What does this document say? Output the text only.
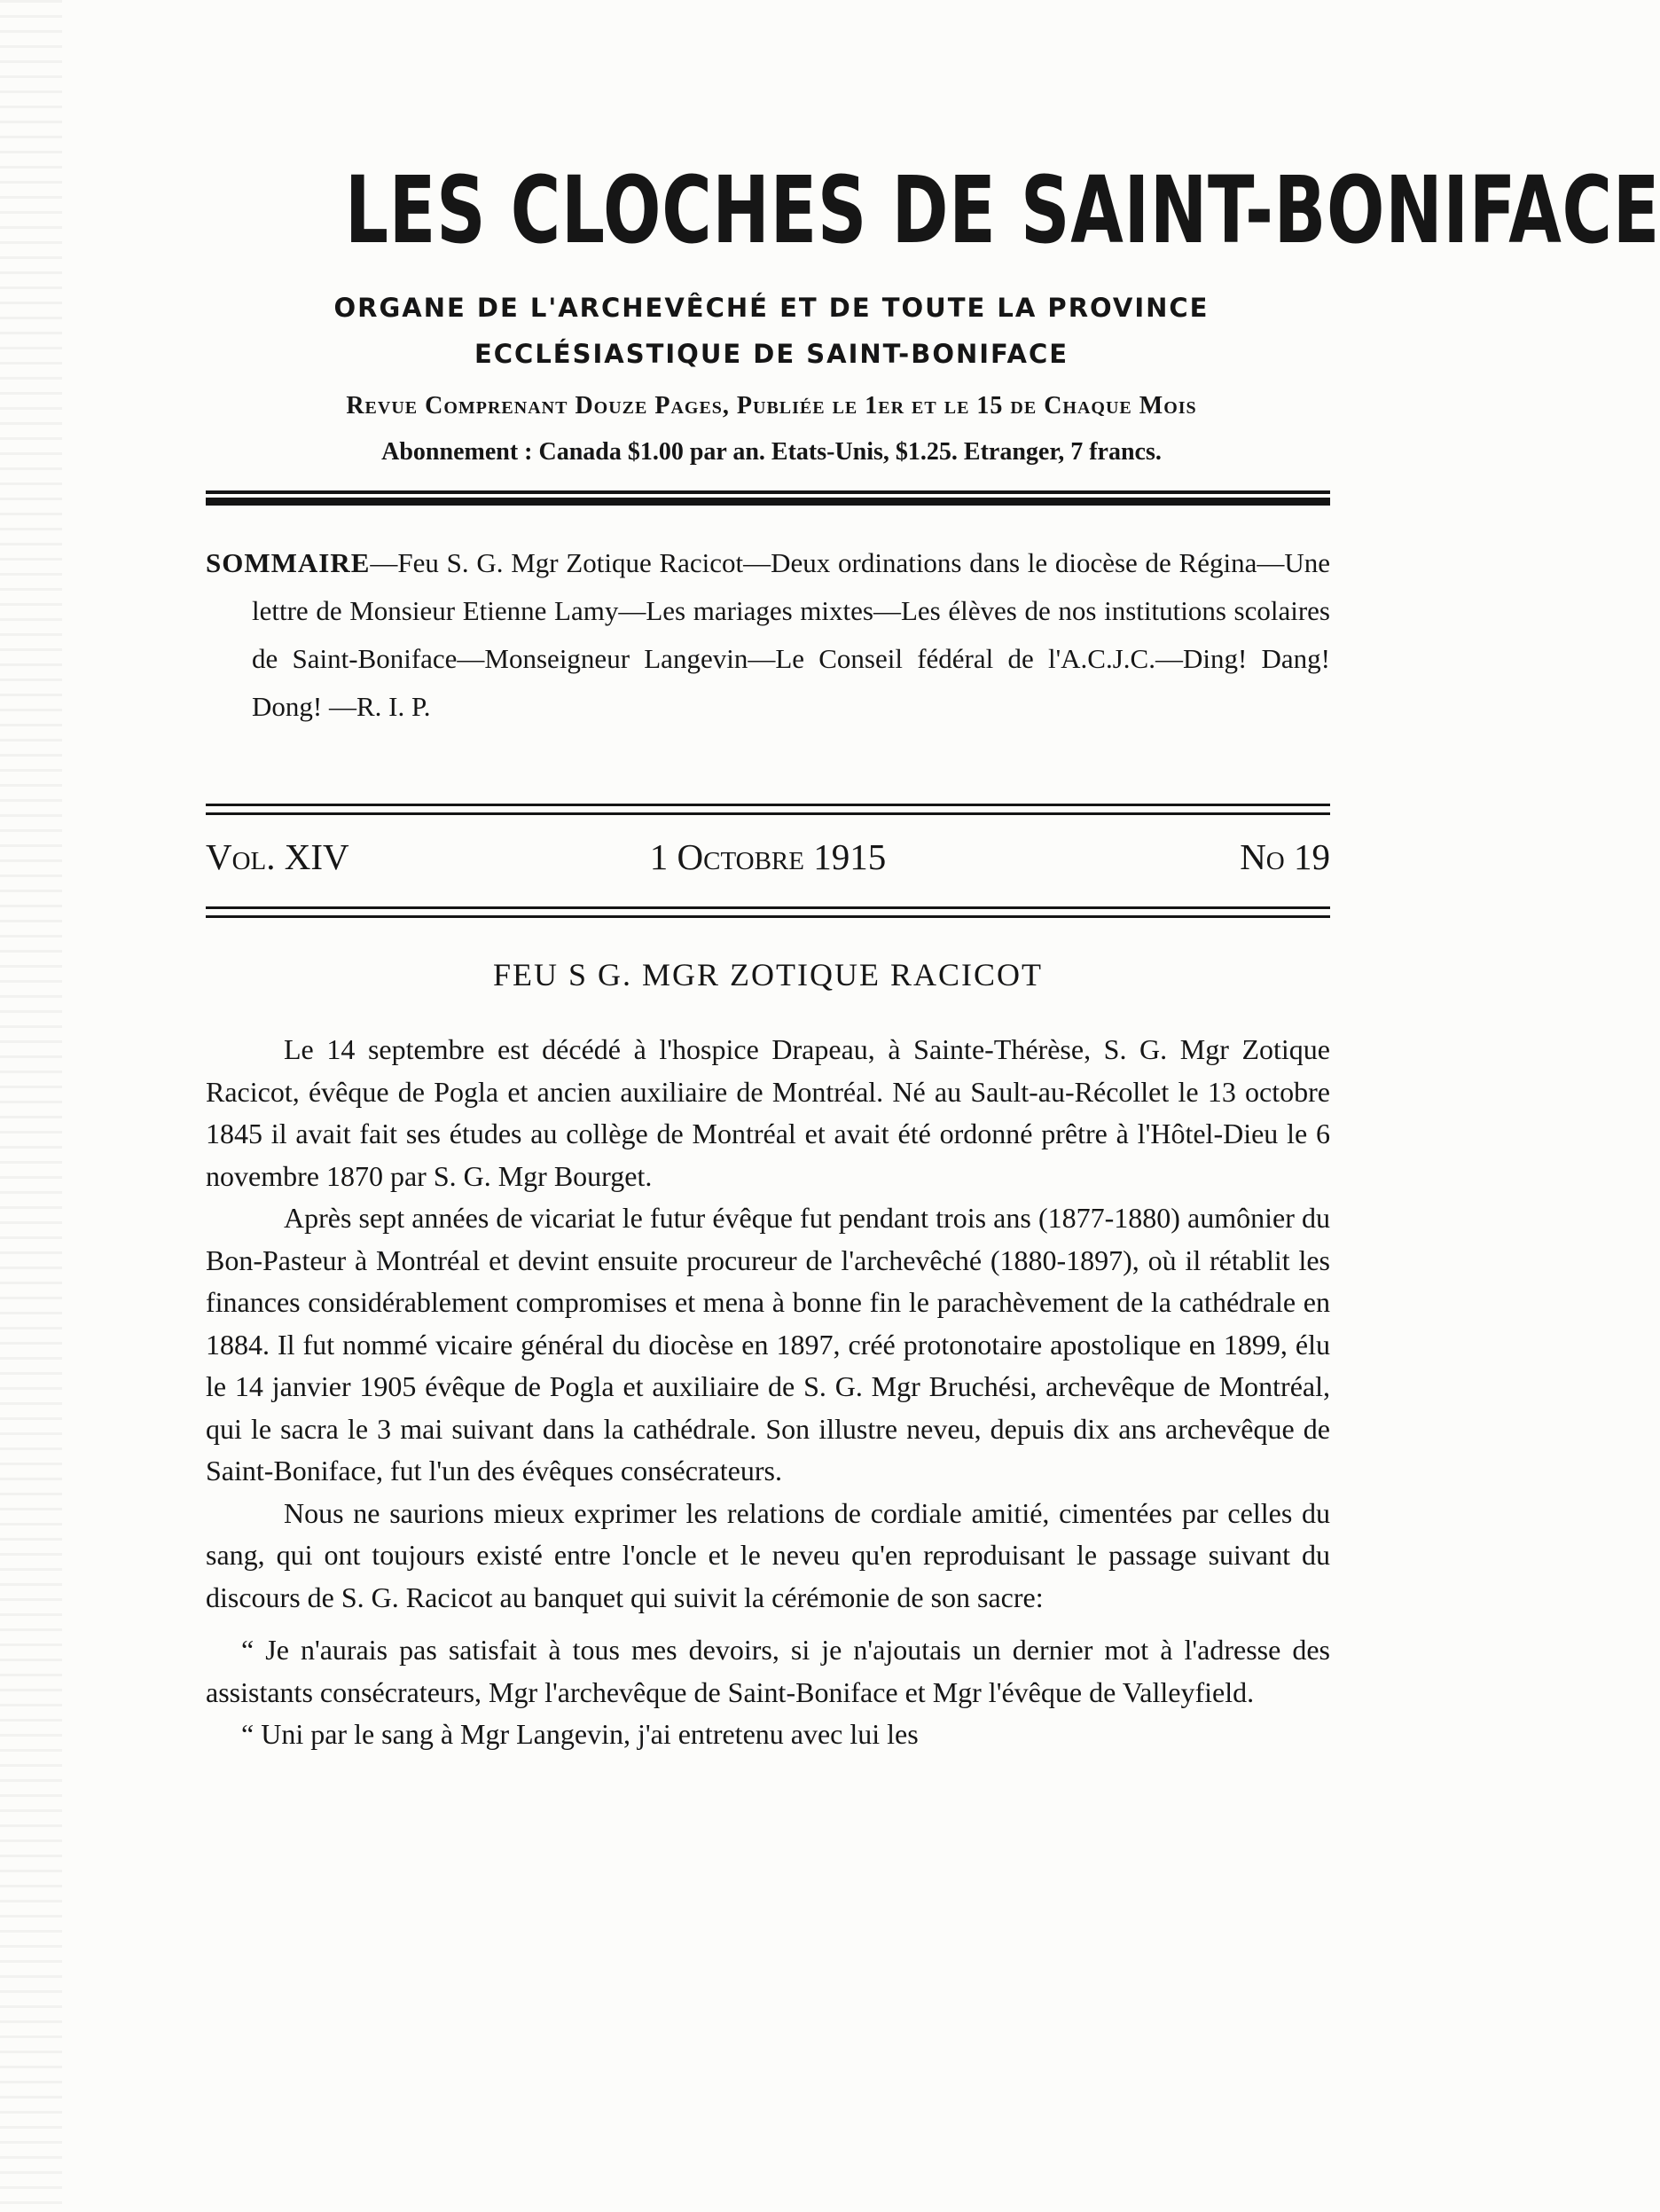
LES CLOCHES DE SAINT-BONIFACE
ORGANE DE L'ARCHEVÊCHÉ ET DE TOUTE LA PROVINCE
ECCLÉSIASTIQUE DE SAINT-BONIFACE
Revue Comprenant Douze Pages, Publiée le 1er et le 15 de Chaque Mois
Abonnement : Canada $1.00 par an. Etats-Unis, $1.25. Etranger, 7 francs.

SOMMAIRE—Feu S. G. Mgr Zotique Racicot—Deux ordinations dans le diocèse de Régina—Une lettre de Monsieur Etienne Lamy—Les mariages mixtes—Les élèves de nos institutions scolaires de Saint-Boniface—Monseigneur Langevin—Le Conseil fédéral de l'A.C.J.C.—Ding! Dang! Dong! —R. I. P.

Vol. XIV	1 Octobre 1915	No 19
FEU S G. MGR ZOTIQUE RACICOT

Le 14 septembre est décédé à l'hospice Drapeau, à Sainte-Thérèse, S. G. Mgr Zotique Racicot, évêque de Pogla et ancien auxiliaire de Montréal. Né au Sault-au-Récollet le 13 octobre 1845 il avait fait ses études au collège de Montréal et avait été ordonné prêtre à l'Hôtel-Dieu le 6 novembre 1870 par S. G. Mgr Bourget.

Après sept années de vicariat le futur évêque fut pendant trois ans (1877-1880) aumônier du Bon-Pasteur à Montréal et devint ensuite procureur de l'archevêché (1880-1897), où il rétablit les finances considérablement compromises et mena à bonne fin le parachèvement de la cathédrale en 1884. Il fut nommé vicaire général du diocèse en 1897, créé protonotaire apostolique en 1899, élu le 14 janvier 1905 évêque de Pogla et auxiliaire de S. G. Mgr Bruchési, archevêque de Montréal, qui le sacra le 3 mai suivant dans la cathédrale. Son illustre neveu, depuis dix ans archevêque de Saint-Boniface, fut l'un des évêques consécrateurs.

Nous ne saurions mieux exprimer les relations de cordiale amitié, cimentées par celles du sang, qui ont toujours existé entre l'oncle et le neveu qu'en reproduisant le passage suivant du discours de S. G. Racicot au banquet qui suivit la cérémonie de son sacre:

“ Je n'aurais pas satisfait à tous mes devoirs, si je n'ajoutais un dernier mot à l'adresse des assistants consécrateurs, Mgr l'archevêque de Saint-Boniface et Mgr l'évêque de Valleyfield.

“ Uni par le sang à Mgr Langevin, j'ai entretenu avec lui les
